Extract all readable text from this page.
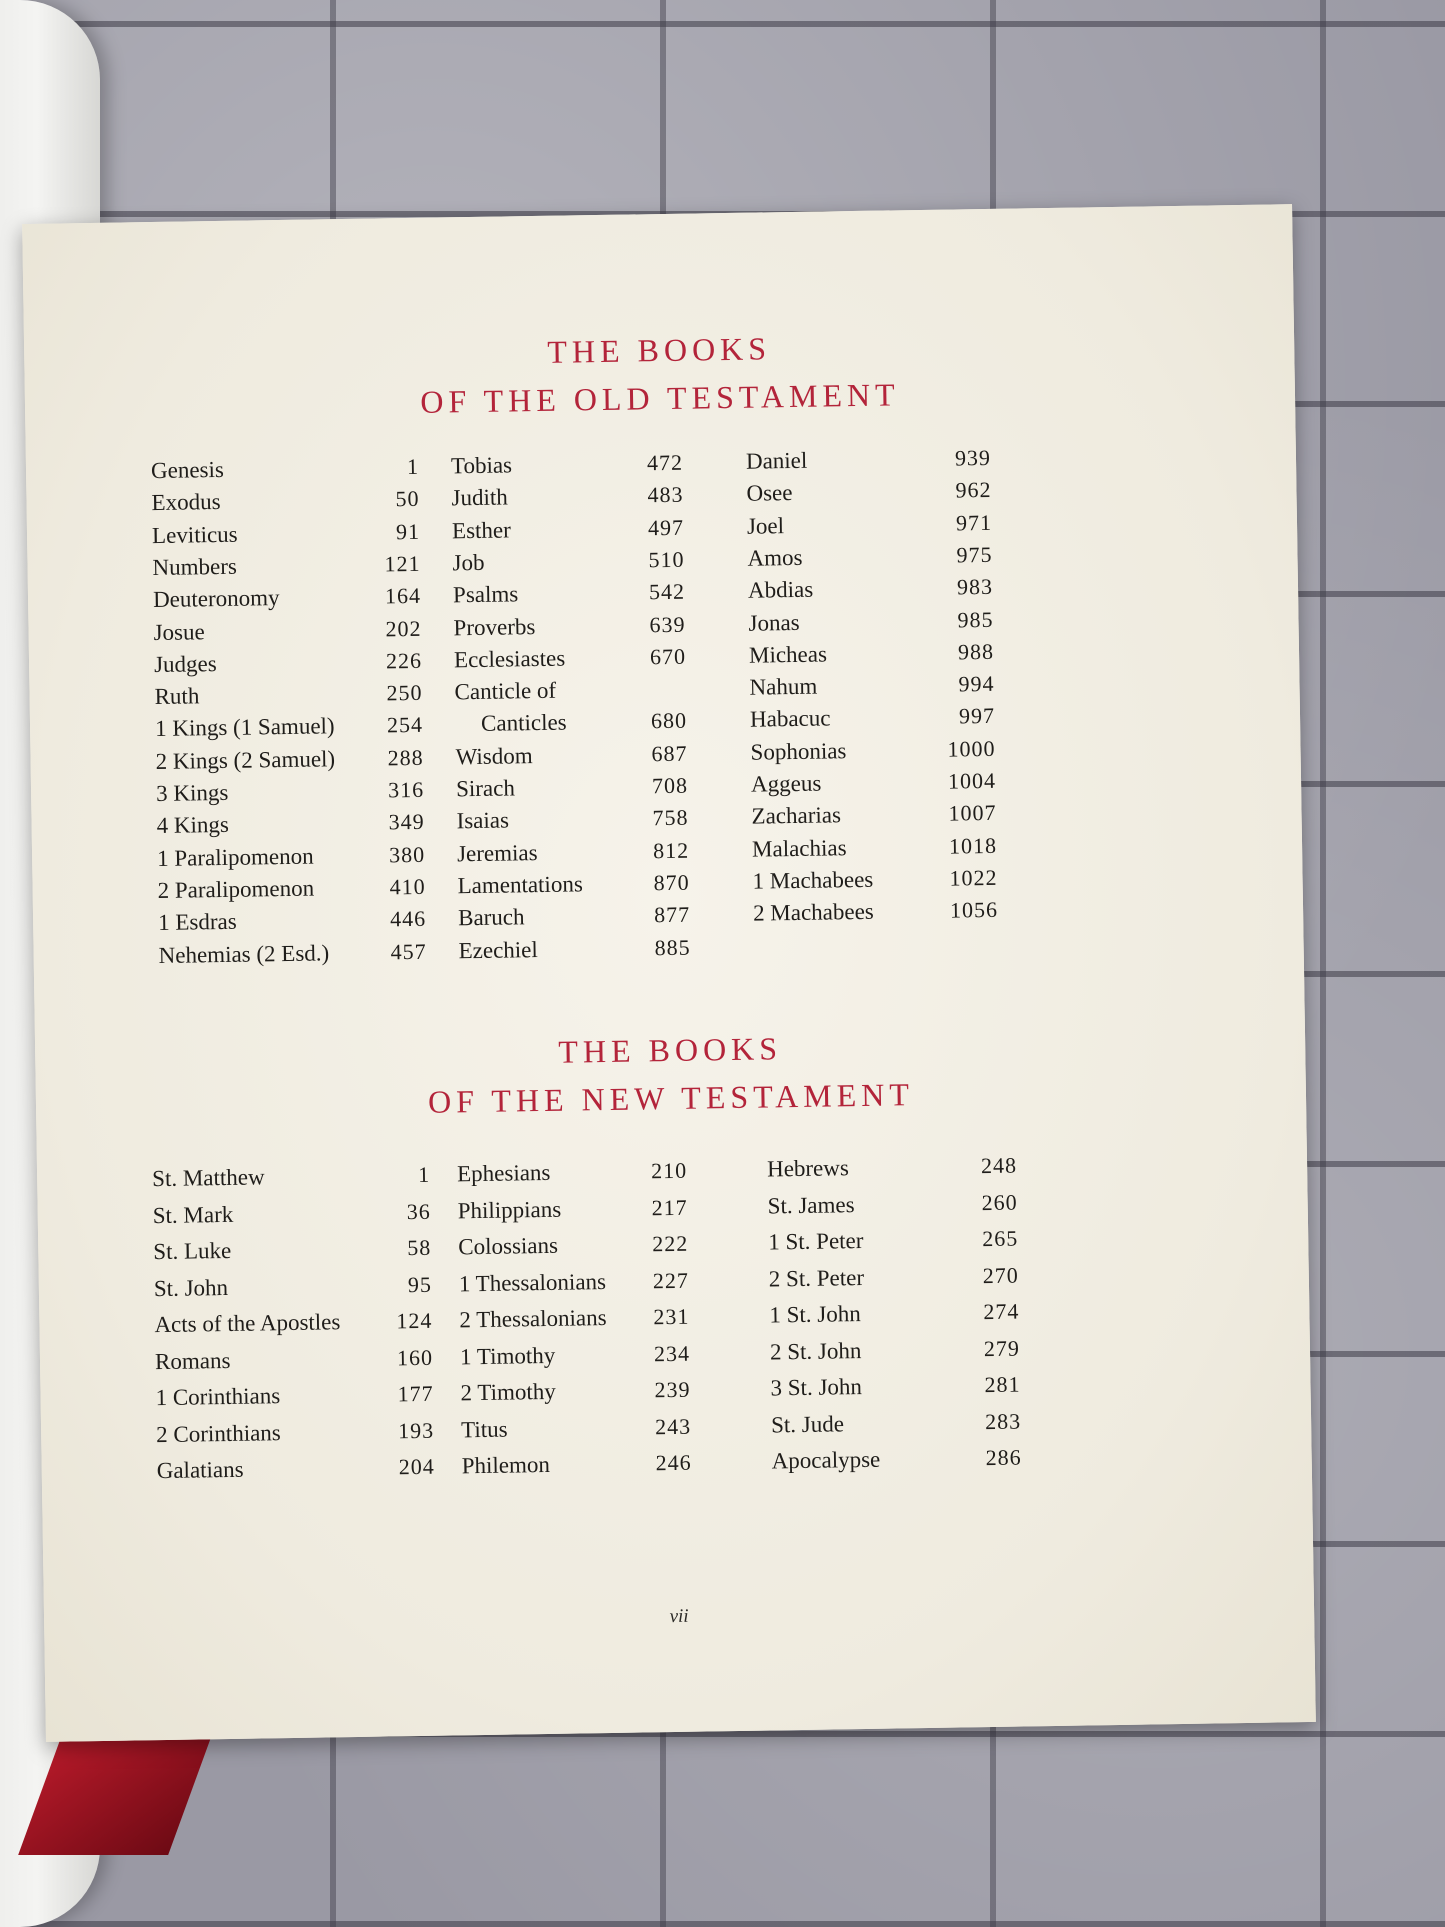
THE BOOKS
OF THE OLD TESTAMENT
Genesis	1
Exodus	50
Leviticus	91
Numbers	121
Deuteronomy	164
Josue	202
Judges	226
Ruth	250
1 Kings (1 Samuel) 254
2 Kings (2 Samuel) 288
3 Kings	316
4 Kings	349
1 Paralipomenon	380
2 Paralipomenon	410
1 Esdras	446
Nehemias (2 Esd.)	457
Tobias	472
Judith	483
Esther	497
Job	510
Psalms	542
Proverbs	639
Ecclesiastes	670
Canticle of
Canticles	680
Wisdom	687
Sirach	708
Isaias	758
Jeremias	812
Lamentations	870
Baruch	877
Ezechiel	885
Daniel	939
Osee	962
Joel	971
Amos	975
Abdias	983
Jonas	985
Micheas	988
Nahum	994
Habacuc	997
Sophonias	1000
Aggeus	1004
Zacharias	1007
Malachias	1018
1 Machabees	1022
2 Machabees	1056
THE BOOKS
OF THE NEW TESTAMENT
St. Matthew	1
St. Mark	36
St. Luke	58
St. John	95
Acts of the Apostles	124
Romans	160
1 Corinthians	177
2 Corinthians	193
Galatians	204
Ephesians	210
Philippians	217
Colossians	222
1 Thessalonians 227
2 Thessalonians 231
1 Timothy	234
2 Timothy	239
Titus	243
Philemon	246
Hebrews	248
St. James	260
1 St. Peter	265
2 St. Peter	270
1 St. John	274
2 St. John	279
3 St. John	281
St. Jude	283
Apocalypse	286
vii
